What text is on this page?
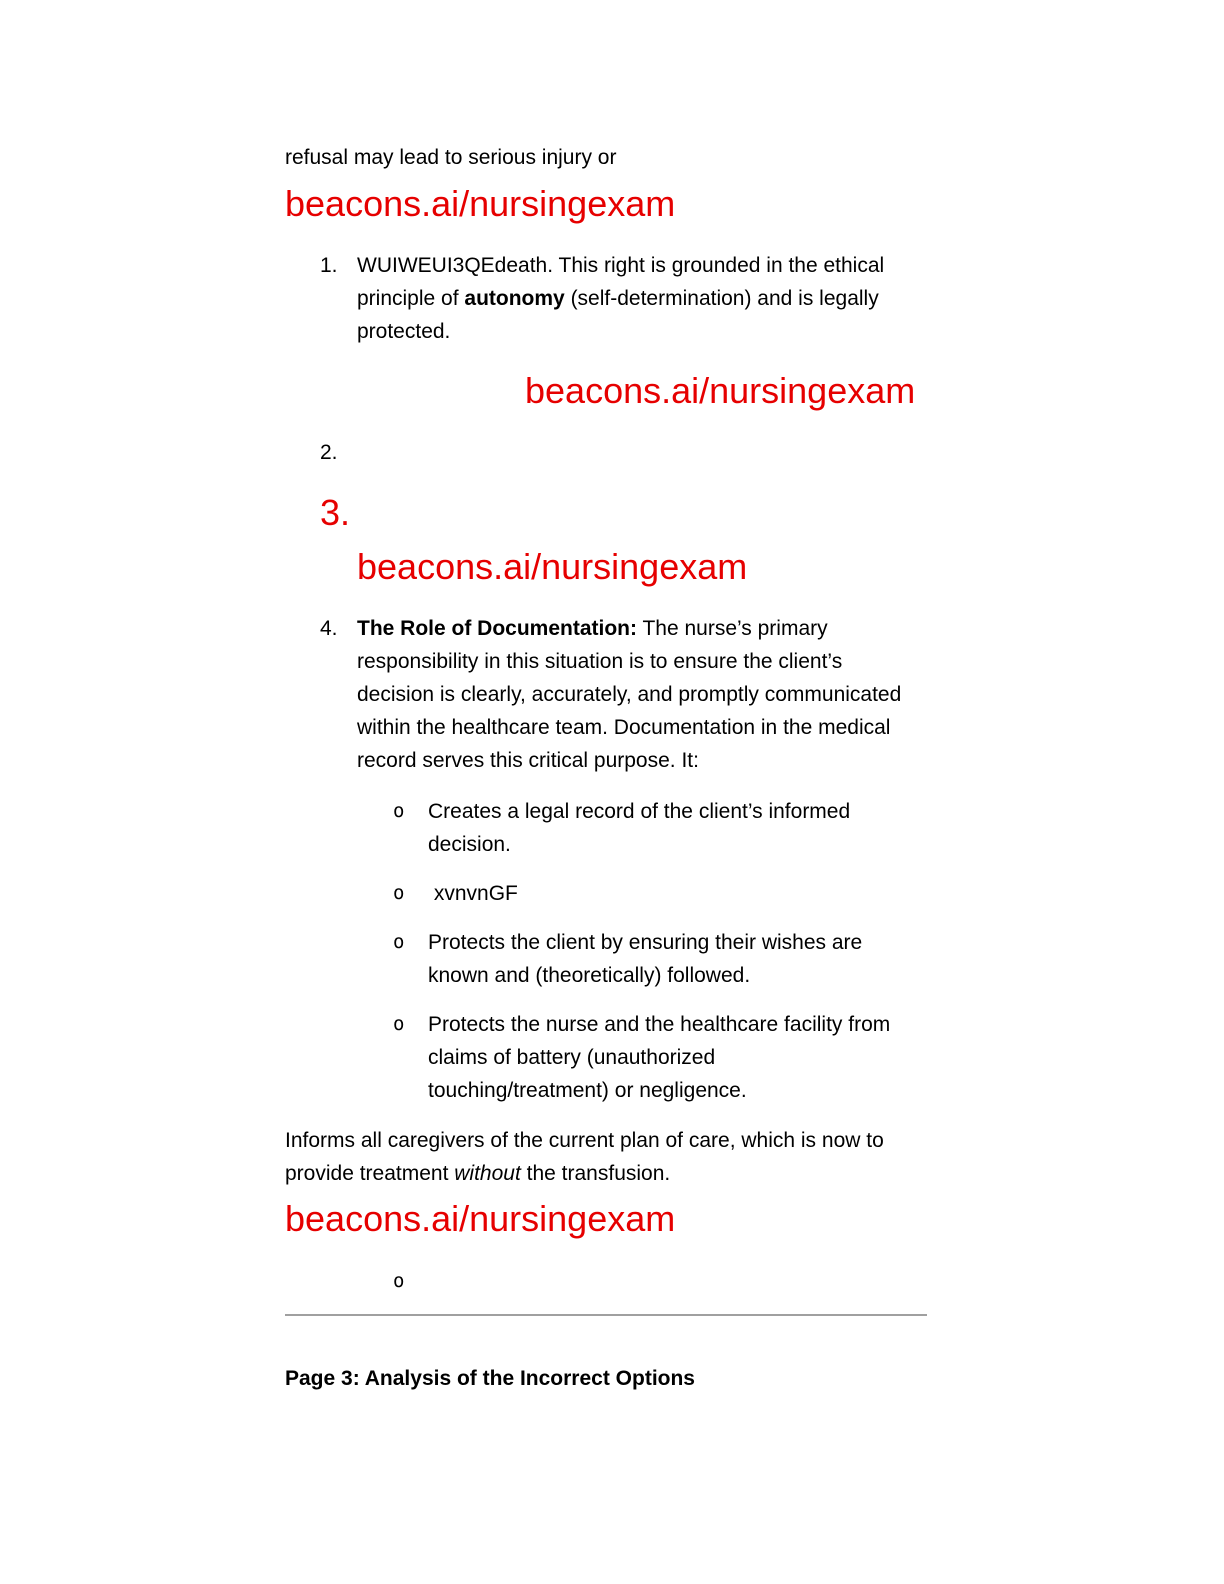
refusal may lead to serious injury or
beacons.ai/nursingexam
1. WUIWEUI3QEdeath. This right is grounded in the ethical
principle of autonomy (self-determination) and is legally
protected.
beacons.ai/nursingexam
2.
3.
beacons.ai/nursingexam
4. The Role of Documentation: The nurse’s primary
responsibility in this situation is to ensure the client’s
decision is clearly, accurately, and promptly communicated
within the healthcare team. Documentation in the medical
record serves this critical purpose. It:
o Creates a legal record of the client’s informed
decision.
o xvnvnGF
o Protects the client by ensuring their wishes are
known and (theoretically) followed.
o Protects the nurse and the healthcare facility from
claims of battery (unauthorized
touching/treatment) or negligence.
Informs all caregivers of the current plan of care, which is now to
provide treatment without the transfusion.
beacons.ai/nursingexam
o
Page 3: Analysis of the Incorrect Options
